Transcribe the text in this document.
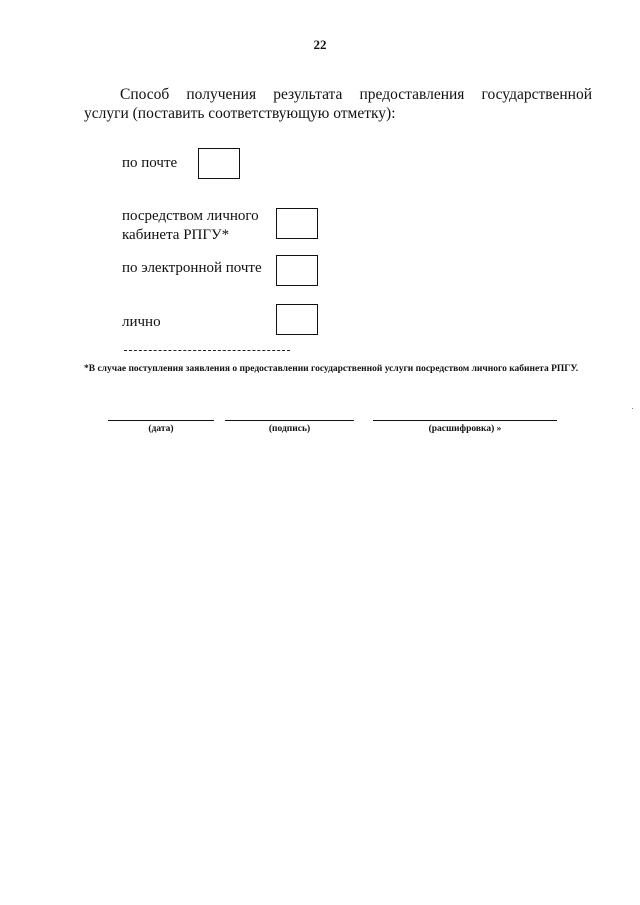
22
Способ получения результата предоставления государственной
услуги (поставить соответствующую отметку):
по почте
посредством личного
кабинета РПГУ*
по электронной почте
лично
*В случае поступления заявления о предоставлении государственной услуги посредством личного кабинета РПГУ.
(дата)	(подпись)	(расшифровка) »
